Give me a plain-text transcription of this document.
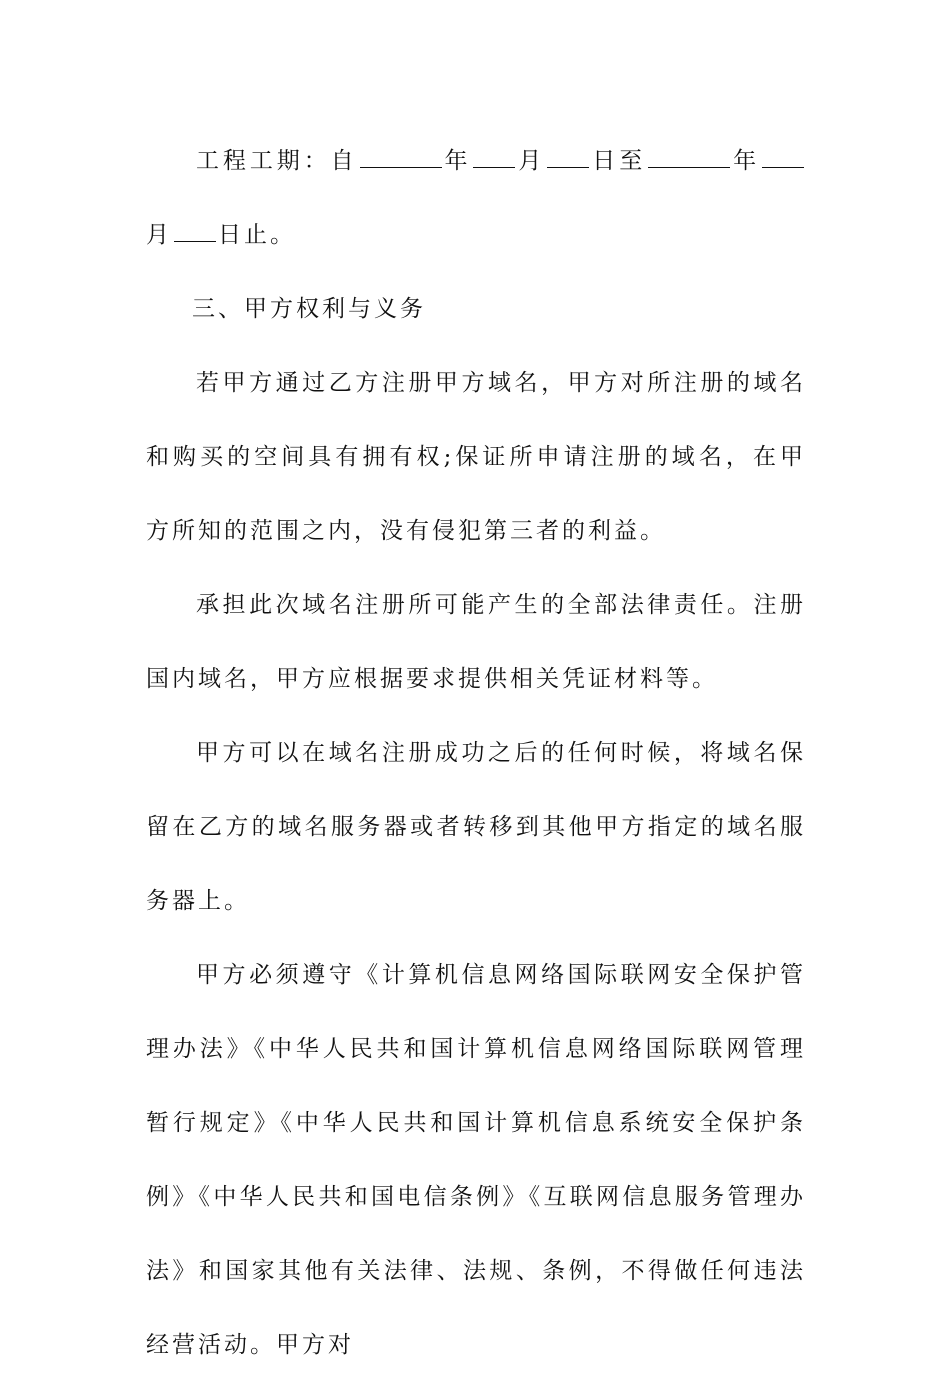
工程工期：自	年 月 日至	年月 日止。

三、甲方权利与义务

若甲方通过乙方注册甲方域名，甲方对所注册的域名和购买的空间具有拥有权;保证所申请注册的域名，在甲方所知的范围之内，没有侵犯第三者的利益。

承担此次域名注册所可能产生的全部法律责任。注册国内域名，甲方应根据要求提供相关凭证材料等。

甲方可以在域名注册成功之后的任何时候，将域名保留在乙方的域名服务器或者转移到其他甲方指定的域名服务器上。

甲方必须遵守《计算机信息网络国际联网安全保护管理办法》《中华人民共和国计算机信息网络国际联网管理暂行规定》《中华人民共和国计算机信息系统安全保护条例》《中华人民共和国电信条例》《互联网信息服务管理办法》和国家其他有关法律、法规、条例，不得做任何违法经营活动。甲方对
